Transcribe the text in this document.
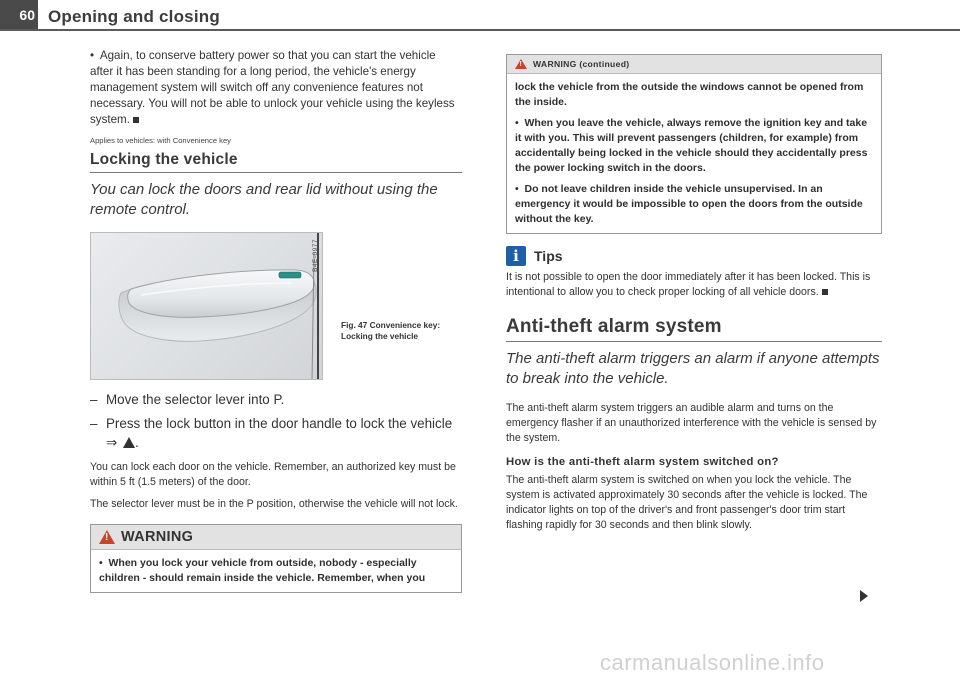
60 Opening and closing

•  Again, to conserve battery power so that you can start the vehicle after it has been standing for a long period, the vehicle's energy management system will switch off any convenience features not necessary. You will not be able to unlock your vehicle using the keyless system.

Applies to vehicles: with Convenience key
Locking the vehicle
You can lock the doors and rear lid without using the remote control.
B4E-0977
Fig. 47 Convenience key: Locking the vehicle
– Move the selector lever into P.
– Press the lock button in the door handle to lock the vehicle ⇒ ! .

You can lock each door on the vehicle. Remember, an authorized key must be within 5 ft (1.5 meters) of the door.

The selector lever must be in the P position, otherwise the vehicle will not lock.

!
WARNING

•  When you lock your vehicle from outside, nobody - especially children - should remain inside the vehicle. Remember, when you

!
WARNING (continued)

lock the vehicle from the outside the windows cannot be opened from the inside.

•  When you leave the vehicle, always remove the ignition key and take it with you. This will prevent passengers (children, for example) from accidentally being locked in the vehicle should they accidentally press the power locking switch in the doors.

•  Do not leave children inside the vehicle unsupervised. In an emergency it would be impossible to open the doors from the outside without the key.

i
Tips

It is not possible to open the door immediately after it has been locked. This is intentional to allow you to check proper locking of all vehicle doors.

Anti-theft alarm system
The anti-theft alarm triggers an alarm if anyone attempts to break into the vehicle.

The anti-theft alarm system triggers an audible alarm and turns on the emergency flasher if an unauthorized interference with the vehicle is sensed by the system.

How is the anti-theft alarm system switched on?

The anti-theft alarm system is switched on when you lock the vehicle. The system is activated approximately 30 seconds after the vehicle is locked. The indicator lights on top of the driver's and front passenger's door trim start flashing rapidly for 30 seconds and then blink slowly.

carmanualsonline.info
